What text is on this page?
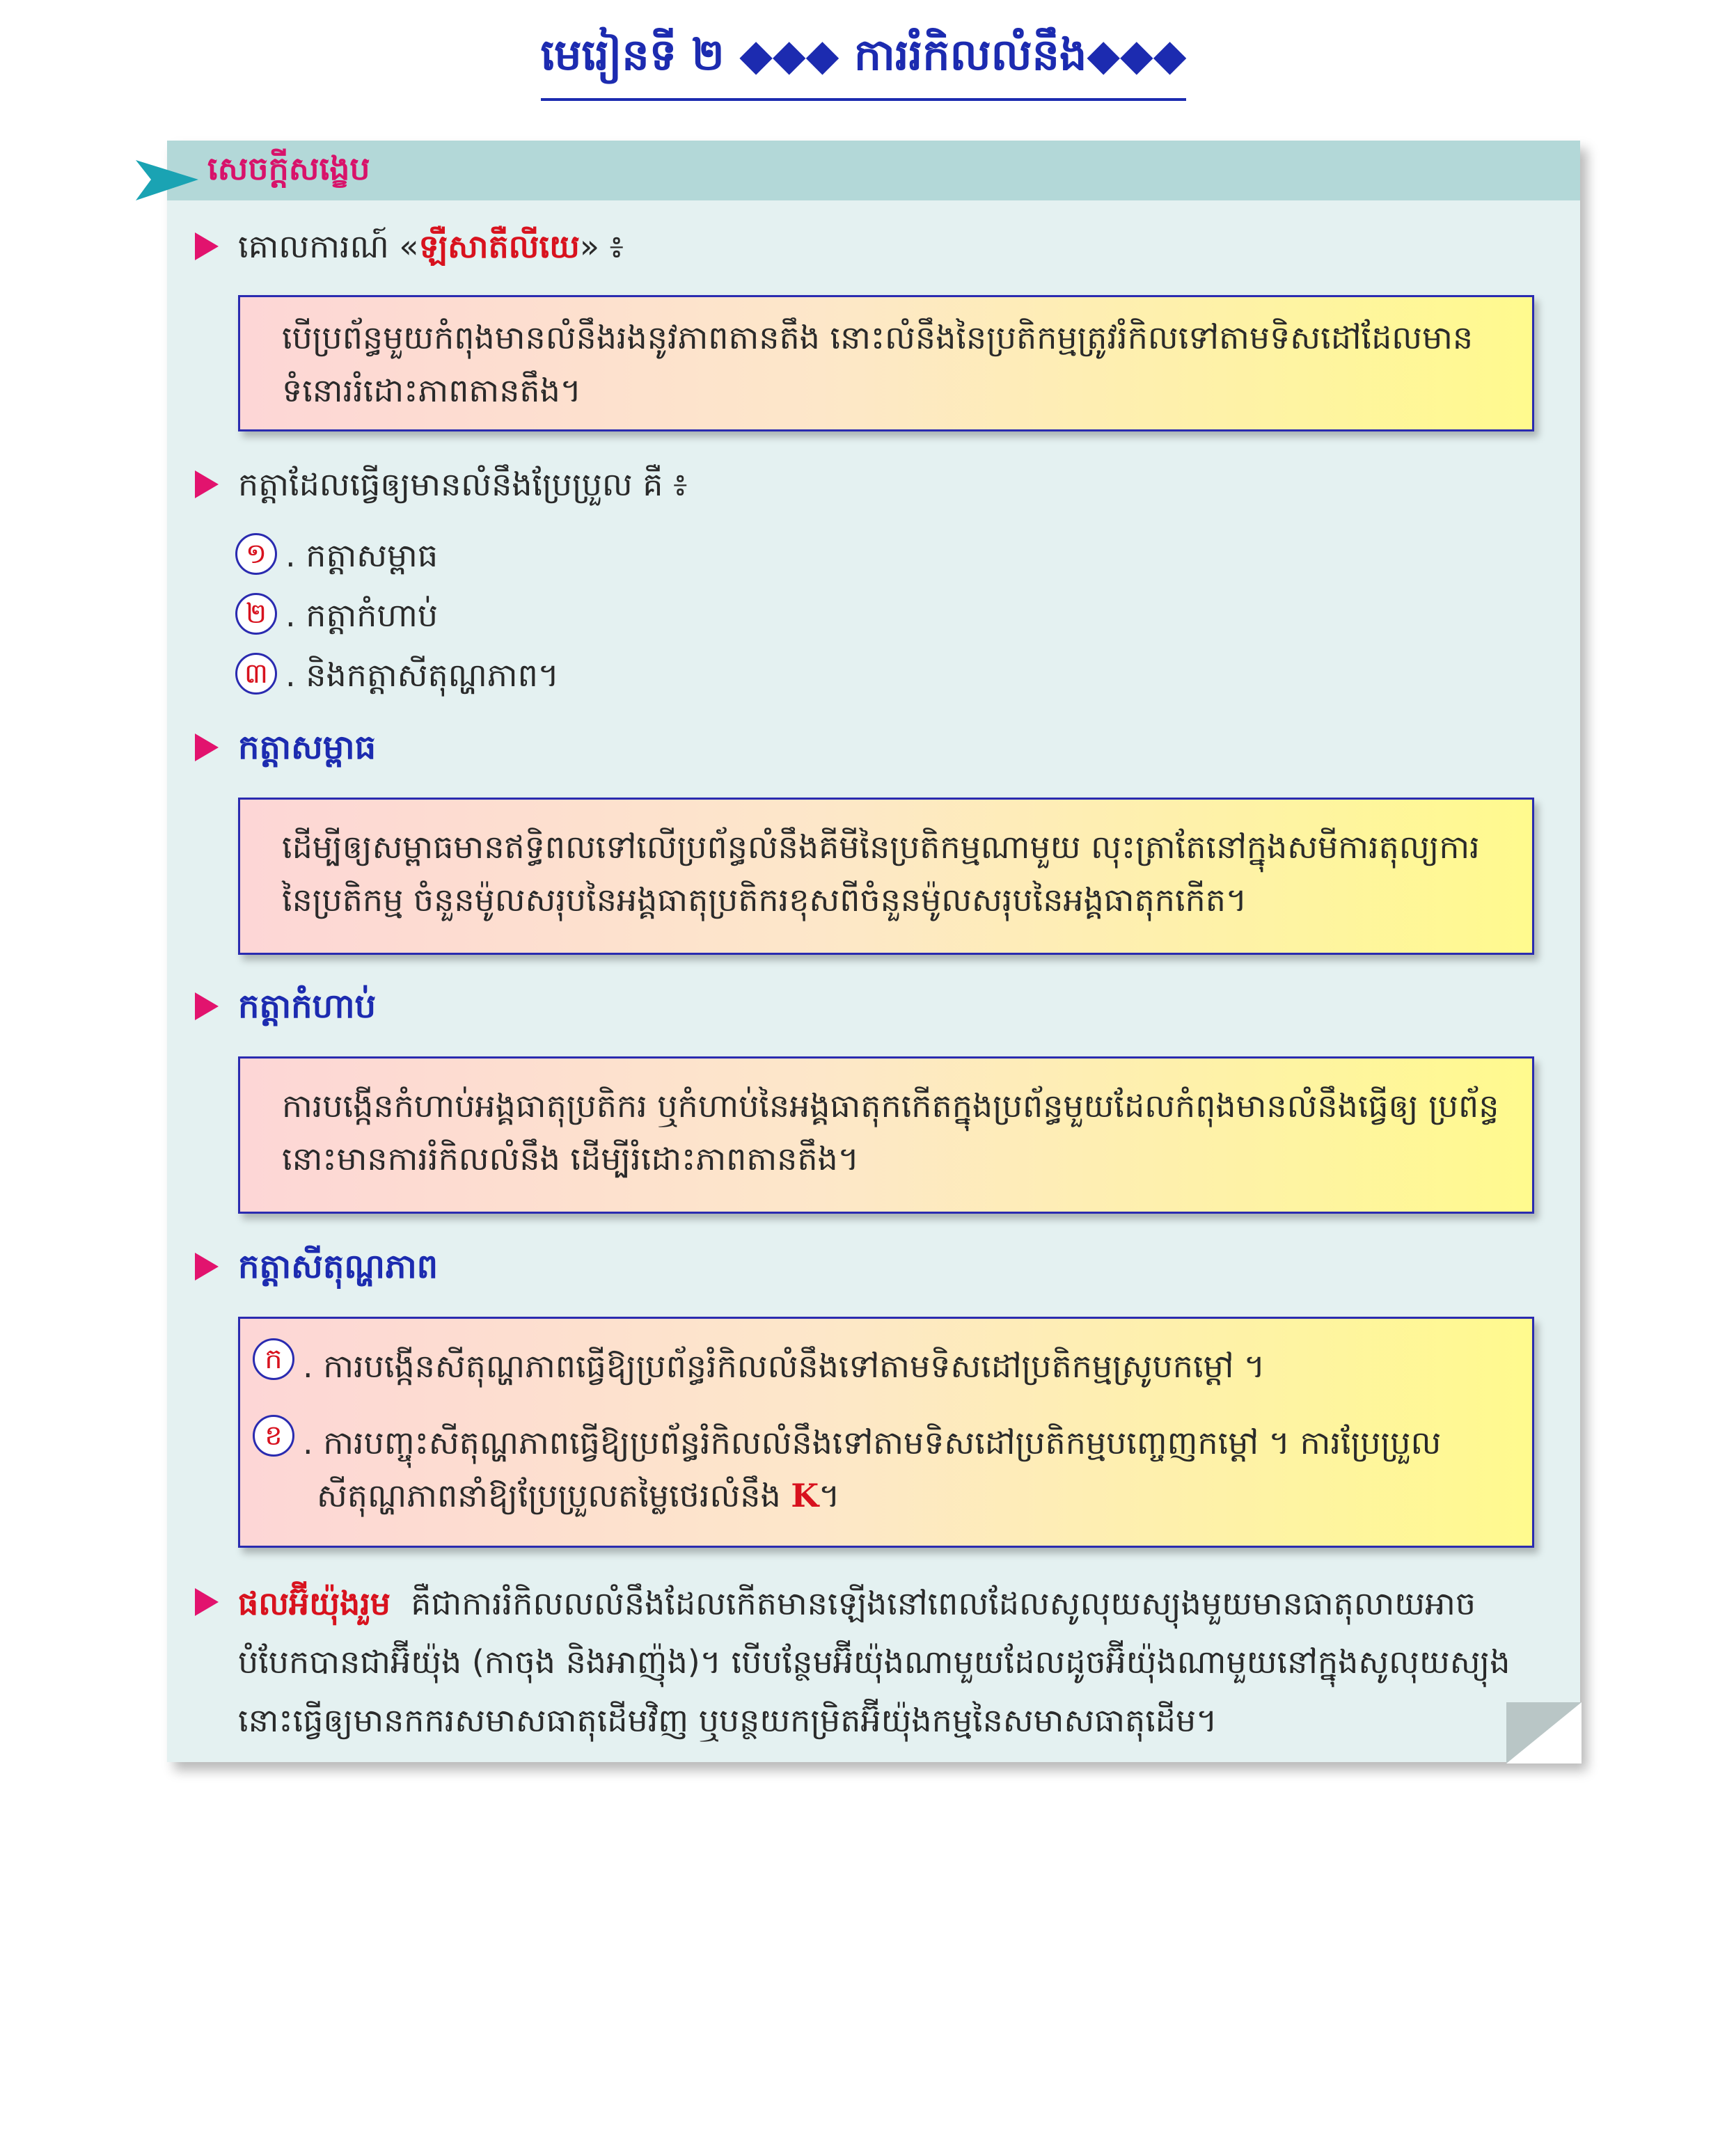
មេរៀនទី ២ ◆◆◆ ការរំកិលលំនឹង◆◆◆
សេចក្តីសង្ខេប
គោលការណ៍ «ឡឺសាតឺលីយេ» ៖
បើប្រព័ន្ធមួយកំពុងមានលំនឹងរងនូវភាពតានតឹង នោះលំនឹងនៃប្រតិកម្មត្រូវរំកិលទៅតាមទិសដៅដែលមាន ទំនោររំដោះភាពតានតឹង។
កត្តាដែលធ្វើឲ្យមានលំនឹងប្រែប្រួល គឺ ៖
១ . កត្តាសម្ពាធ
២ . កត្តាកំហាប់
៣ . និងកត្តាសីតុណ្ហភាព។
កត្តាសម្ពាធ
ដើម្បីឲ្យសម្ពាធមានឥទ្ធិពលទៅលើប្រព័ន្ធលំនឹងគីមីនៃប្រតិកម្មណាមួយ លុះត្រាតែនៅក្នុងសមីការតុល្យការ នៃប្រតិកម្ម ចំនួនម៉ូលសរុបនៃអង្គធាតុប្រតិករខុសពីចំនួនម៉ូលសរុបនៃអង្គធាតុកកើត។
កត្តាកំហាប់
ការបង្កើនកំហាប់អង្គធាតុប្រតិករ ឬកំហាប់នៃអង្គធាតុកកើតក្នុងប្រព័ន្ធមួយដែលកំពុងមានលំនឹងធ្វើឲ្យ ប្រព័ន្ធនោះមានការរំកិលលំនឹង ដើម្បីរំដោះភាពតានតឹង។
កត្តាសីតុណ្ហភាព
ក . ការបង្កើនសីតុណ្ហភាពធ្វើឱ្យប្រព័ន្ធរំកិលលំនឹងទៅតាមទិសដៅប្រតិកម្មស្រូបកម្ដៅ ។
ខ . ការបញ្ចុះសីតុណ្ហភាពធ្វើឱ្យប្រព័ន្ធរំកិលលំនឹងទៅតាមទិសដៅប្រតិកម្មបញ្ចេញកម្ដៅ ។ ការប្រែប្រួល
សីតុណ្ហភាពនាំឱ្យប្រែប្រួលតម្លៃថេរលំនឹង K។
ផលអ៊ីយ៉ុងរួម គឺជាការរំកិលលលំនឹងដែលកើតមានឡើងនៅពេលដែលសូលុយស្យុងមួយមានធាតុលាយអាច
បំបែកបានជាអ៊ីយ៉ុង (កាចុង និងអាញ៉ុង)។ បើបន្ថែមអ៊ីយ៉ុងណាមួយដែលដូចអ៊ីយ៉ុងណាមួយនៅក្នុងសូលុយស្យុង
នោះធ្វើឲ្យមានកករសមាសធាតុដើមវិញ ឬបន្ថយកម្រិតអ៊ីយ៉ុងកម្មនៃសមាសធាតុដើម។
